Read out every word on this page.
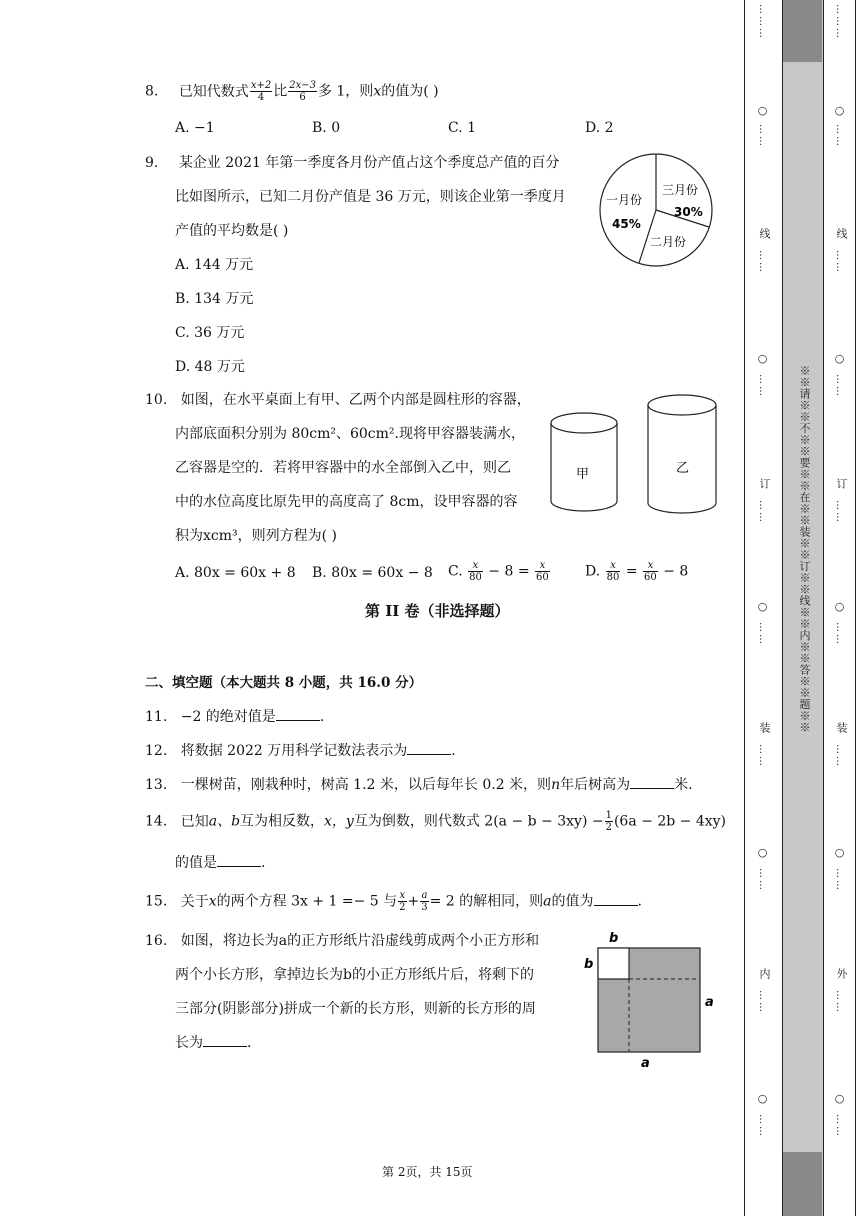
8. 已知代数式 $\frac{x+2}{4}$ 比 $\frac{2x-3}{6}$ 多 1，则x的值为( )
A. −1	B. 0	C. 1	D. 2
9. 某企业 2021 年第一季度各月份产值占这个季度总产值的百分
比如图所示，已知二月份产值是 36 万元，则该企业第一季度月
产值的平均数是( )
A. 144 万元
B. 134 万元
C. 36 万元
D. 48 万元
一月份
45%
三月份
30%
二月份
10. 如图，在水平桌面上有甲、乙两个内部是圆柱形的容器，
内部底面积分别为 80cm²、60cm².现将甲容器装满水，
乙容器是空的．若将甲容器中的水全部倒入乙中，则乙
中的水位高度比原先甲的高度高了 8cm，设甲容器的容
积为xcm³，则列方程为( )
甲	乙
A. 80x = 60x + 8 B. 80x = 60x − 8 C. $\frac{x}{80} - 8 = \frac{x}{60}$	D. $\frac{x}{80} = \frac{x}{60} - 8$
第 II 卷（非选择题）
二、填空题（本大题共 8 小题，共 16.0 分）
11. −2 的绝对值是	.
12. 将数据 2022 万用科学记数法表示为	.
13. 一棵树苗，刚栽种时，树高 1.2 米，以后每年长 0.2 米，则n年后树高为	米.
14. 已知a、b互为相反数，x，y互为倒数，则代数式 $2(a - b - 3xy) - \frac{1}{2} (6a - 2b - 4xy)$
的值是	.
15. 关于x的两个方程 3x + 1 =− 5 与 $\frac{x}{2} + \frac{a}{3} = 2$ 的解相同，则a的值为	.
16. 如图，将边长为a的正方形纸片沿虚线剪成两个小正方形和
两个小长方形，拿掉边长为b的小正方形纸片后，将剩下的
三部分(阴影部分)拼成一个新的长方形，则新的长方形的周
长为	.
b
b
a
a
第 2页，共 15页
………
○
……
线
……
○
……
订
……
○
……
装
……
○
……
内
……
○
……
※※请※※不※※要※※在※※装※※订※※线※※内※※答※※题※※
………
○
……
线
……
○
……
订
……
○
……
装
……
○
……
外
……
○
……
